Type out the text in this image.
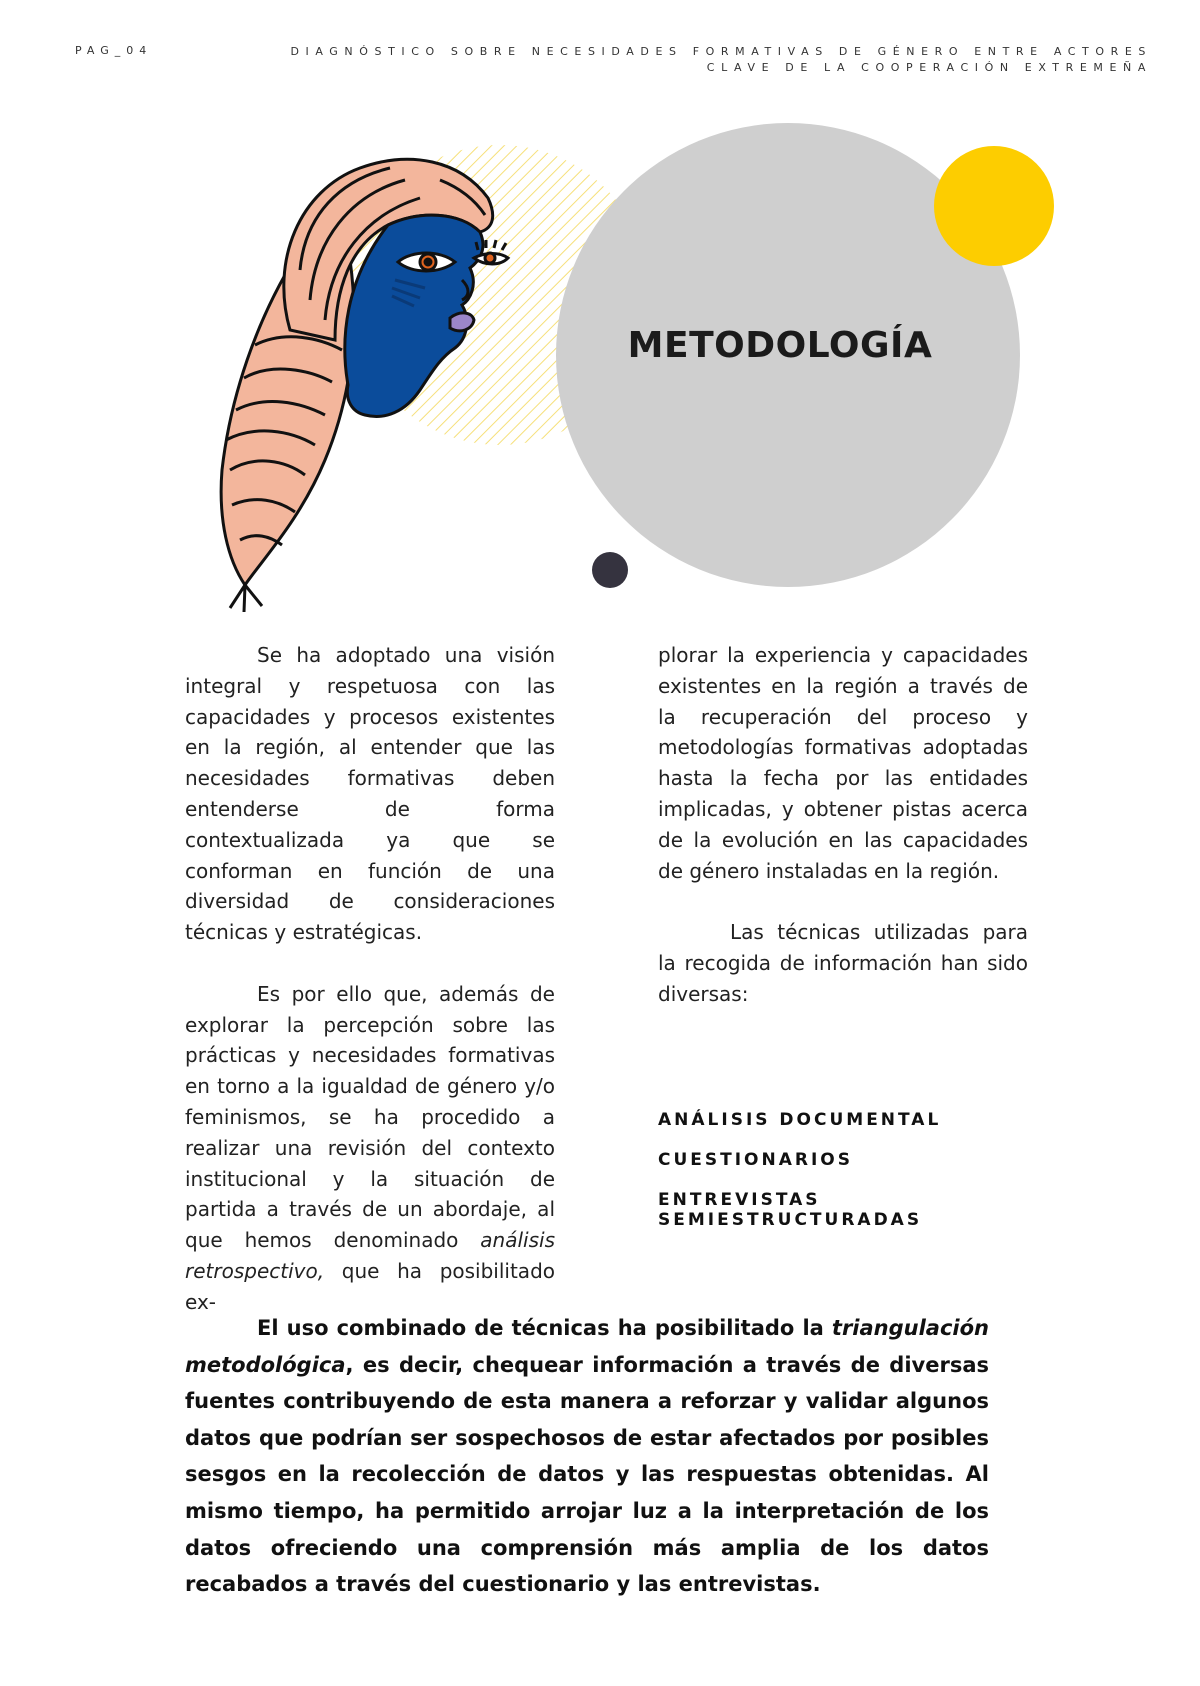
PAG_04	DIAGNÓSTICO SOBRE NECESIDADES FORMATIVAS DE GÉNERO ENTRE ACTORES
CLAVE DE LA COOPERACIÓN EXTREMEÑA
METODOLOGÍA

Se ha adoptado una visión integral y respetuosa con las capacidades y procesos existentes en la región, al entender que las necesidades formativas deben entenderse de forma contextualizada ya que se conforman en función de una diversidad de consideraciones técnicas y estratégicas.

Es por ello que, además de explorar la percepción sobre las prácticas y necesidades formativas en torno a la igualdad de género y/o feminismos, se ha procedido a realizar una revisión del contexto institucional y la situación de partida a través de un abordaje, al que hemos denominado análisis retrospectivo, que ha posibilitado ex-

plorar la experiencia y capacidades existentes en la región a través de la recuperación del proceso y metodologías formativas adoptadas hasta la fecha por las entidades implicadas, y obtener pistas acerca de la evolución en las capacidades de género instaladas en la región.

Las técnicas utilizadas para la recogida de información han sido diversas:

ANÁLISIS DOCUMENTAL

CUESTIONARIOS

ENTREVISTAS SEMIESTRUCTURADAS

El uso combinado de técnicas ha posibilitado la triangulación metodológica, es decir, chequear información a través de diversas fuentes contribuyendo de esta manera a reforzar y validar algunos datos que podrían ser sospechosos de estar afectados por posibles sesgos en la recolección de datos y las respuestas obtenidas. Al mismo tiempo, ha permitido arrojar luz a la interpretación de los datos ofreciendo una comprensión más amplia de los datos recabados a través del cuestionario y las entrevistas.
